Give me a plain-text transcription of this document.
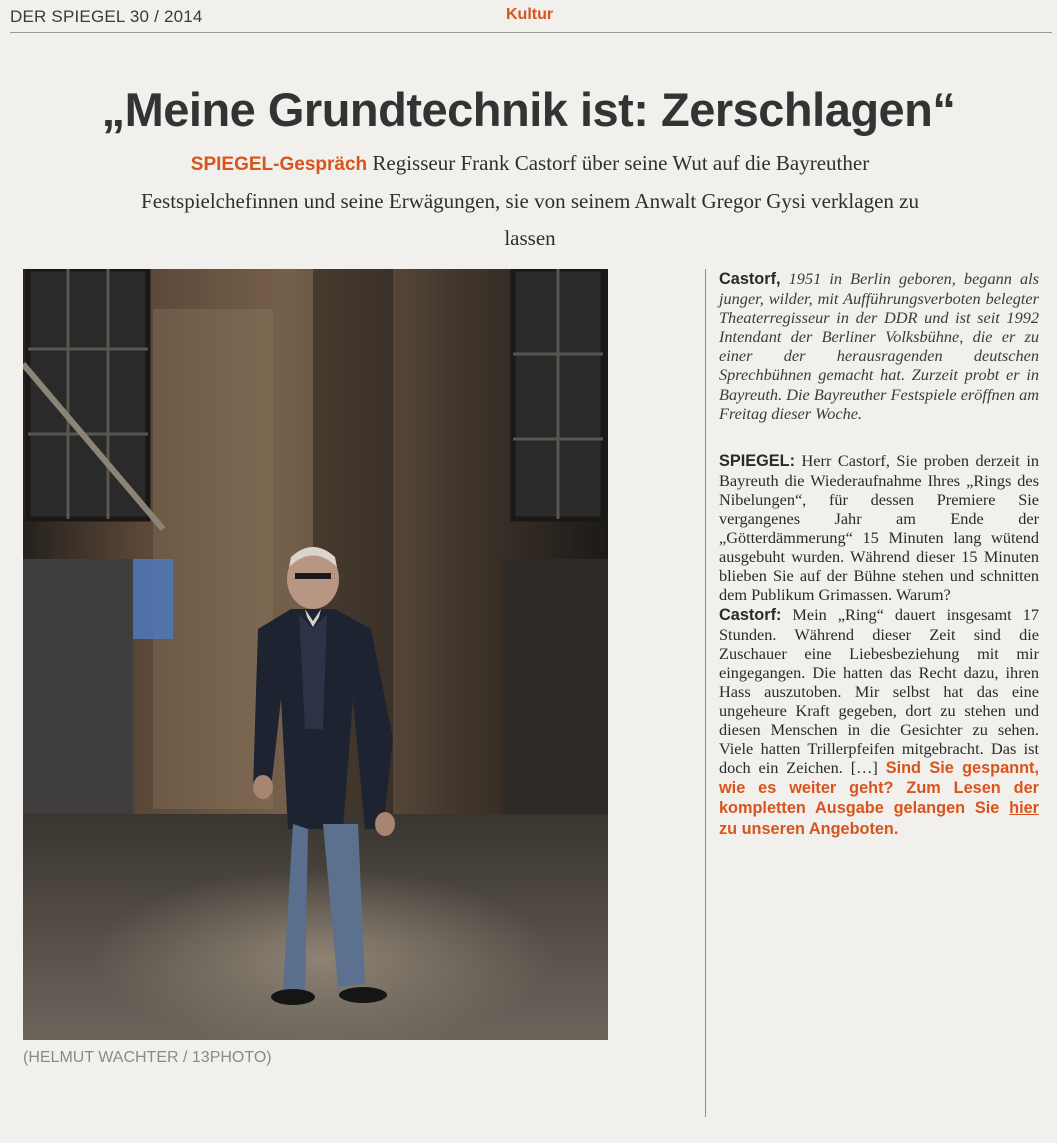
DER SPIEGEL 30 / 2014	Kultur
„Meine Grundtechnik ist: Zerschlagen“
SPIEGEL-Gespräch Regisseur Frank Castorf über seine Wut auf die Bayreuther Festspielchefinnen und seine Erwägungen, sie von seinem Anwalt Gregor Gysi verklagen zu lassen
(HELMUT WACHTER / 13PHOTO)

Castorf, 1951 in Berlin geboren, begann als junger, wilder, mit Aufführungsverboten belegter Theaterregisseur in der DDR und ist seit 1992 Intendant der Berliner Volksbühne, die er zu einer der herausragenden deutschen Sprechbühnen gemacht hat. Zurzeit probt er in Bayreuth. Die Bayreuther Festspiele eröffnen am Freitag dieser Woche.

SPIEGEL: Herr Castorf, Sie proben derzeit in Bayreuth die Wiederaufnahme Ihres „Rings des Nibelungen“, für dessen Premiere Sie vergangenes Jahr am Ende der „Götterdämmerung“ 15 Minuten lang wütend ausgebuht wurden. Während dieser 15 Minuten blieben Sie auf der Bühne stehen und schnitten dem Publikum Grimassen. Warum?

Castorf: Mein „Ring“ dauert insgesamt 17 Stunden. Während dieser Zeit sind die Zuschauer eine Liebesbeziehung mit mir eingegangen. Die hatten das Recht dazu, ihren Hass auszutoben. Mir selbst hat das eine ungeheure Kraft gegeben, dort zu stehen und diesen Menschen in die Gesichter zu sehen. Viele hatten Trillerpfeifen mitgebracht. Das ist doch ein Zeichen. […] Sind Sie gespannt, wie es weiter geht? Zum Lesen der kompletten Ausgabe gelangen Sie hier zu unseren Angeboten.
